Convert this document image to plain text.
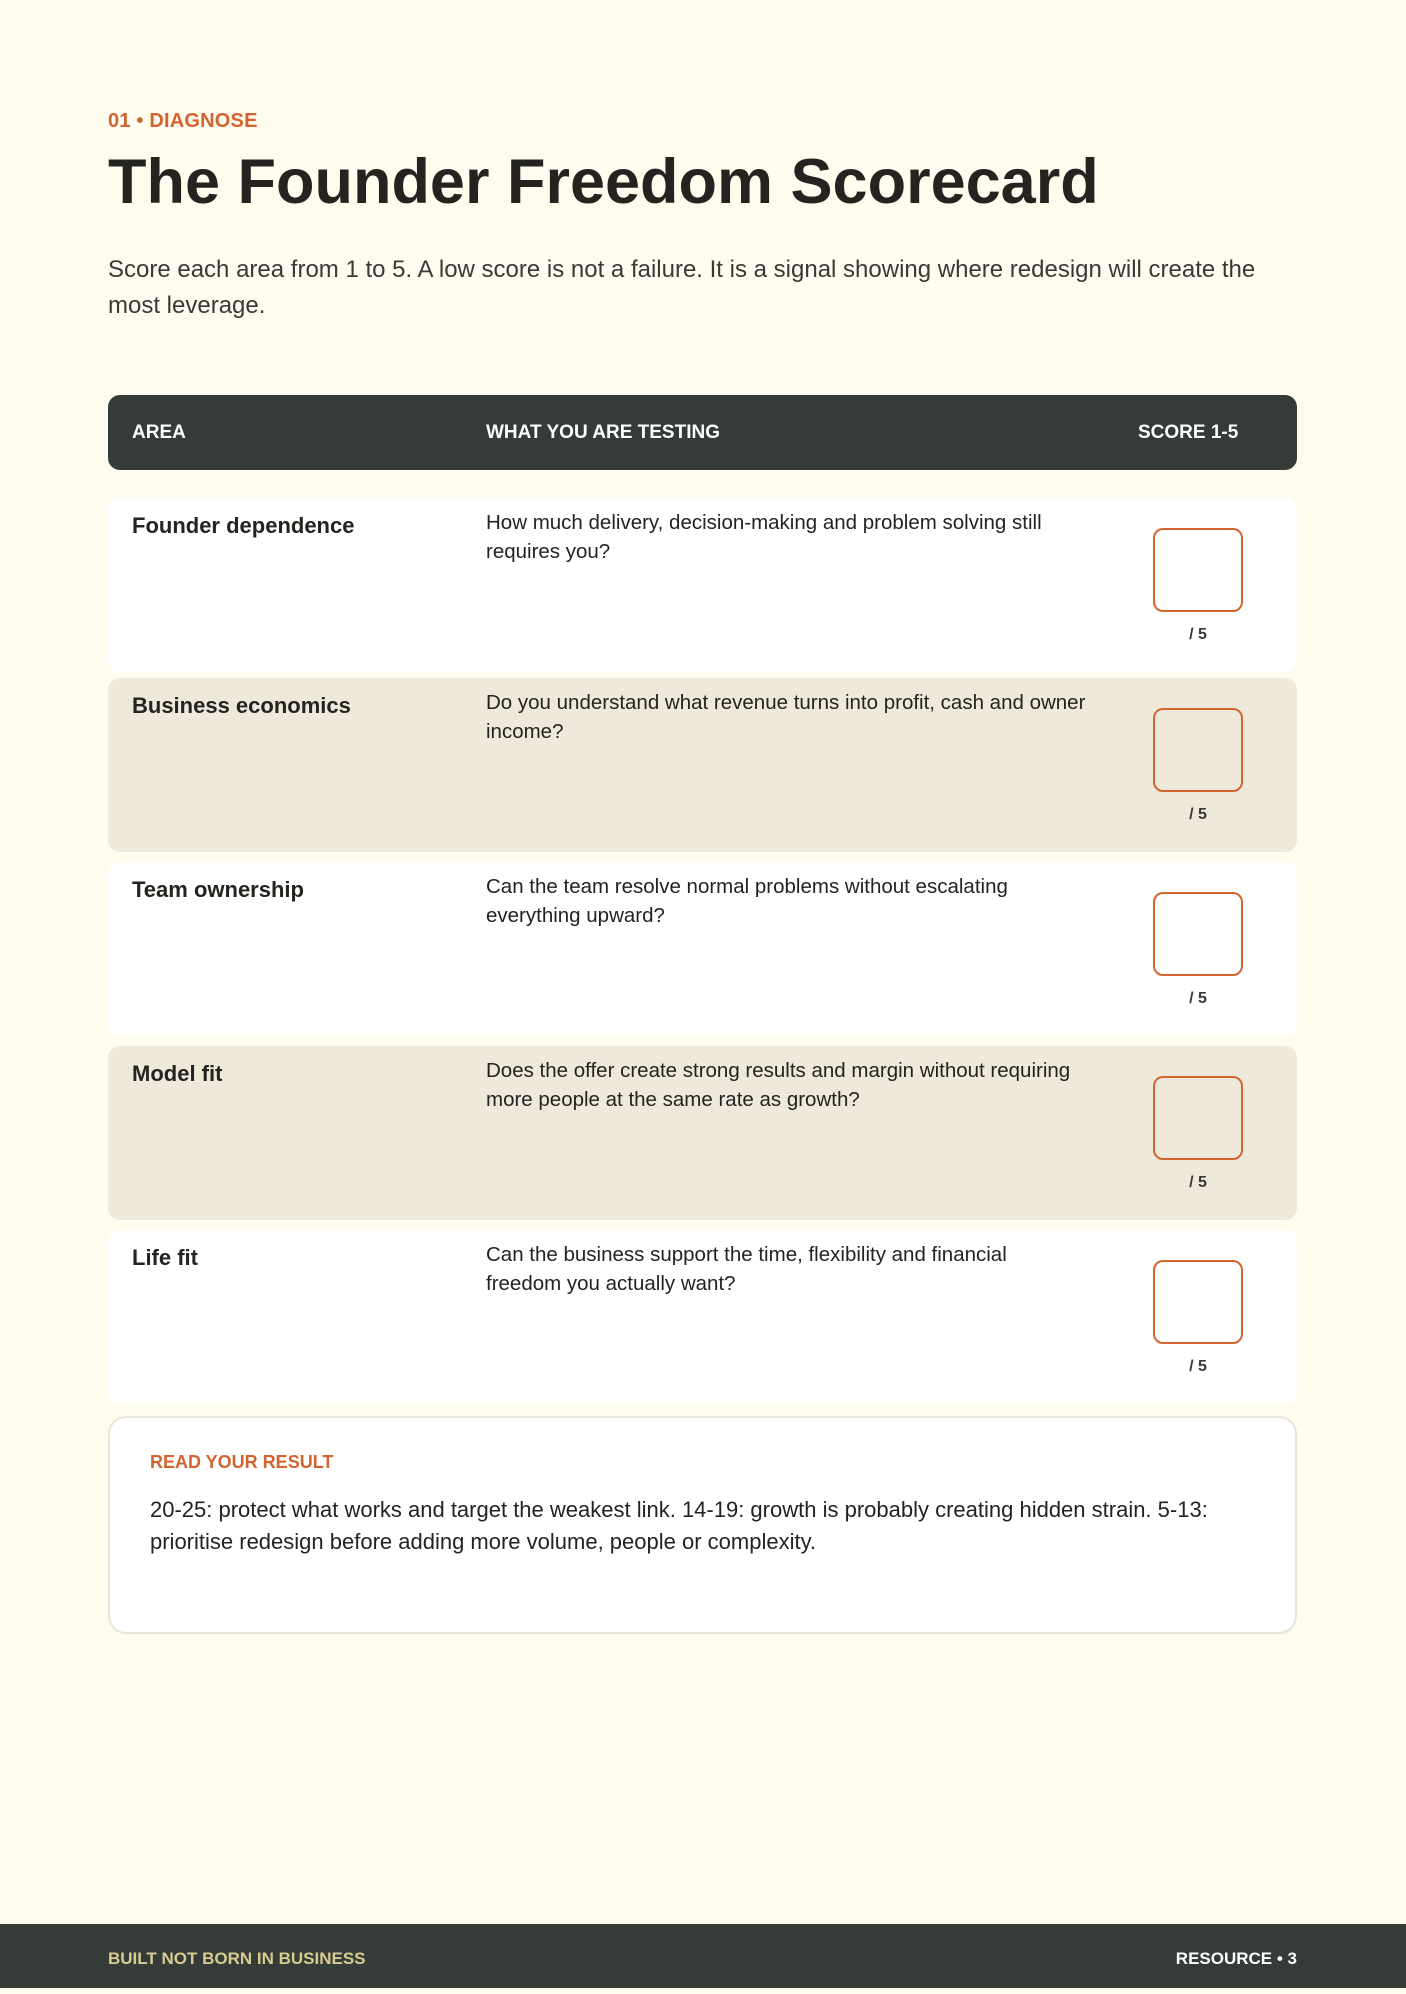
01 • DIAGNOSE
The Founder Freedom Scorecard

Score each area from 1 to 5. A low score is not a failure. It is a signal showing where redesign will create the most leverage.

AREA	WHAT YOU ARE TESTING	SCORE 1-5
Founder dependence	How much delivery, decision-making and problem solving still requires you?
/ 5
Business economics	Do you understand what revenue turns into profit, cash and owner income?
/ 5
Team ownership	Can the team resolve normal problems without escalating everything upward?
/ 5
Model fit	Does the offer create strong results and margin without requiring more people at the same rate as growth?
/ 5
Life fit	Can the business support the time, flexibility and financial freedom you actually want?
/ 5
READ YOUR RESULT

20-25: protect what works and target the weakest link. 14-19: growth is probably creating hidden strain. 5-13: prioritise redesign before adding more volume, people or complexity.

BUILT NOT BORN IN BUSINESS	RESOURCE • 3
